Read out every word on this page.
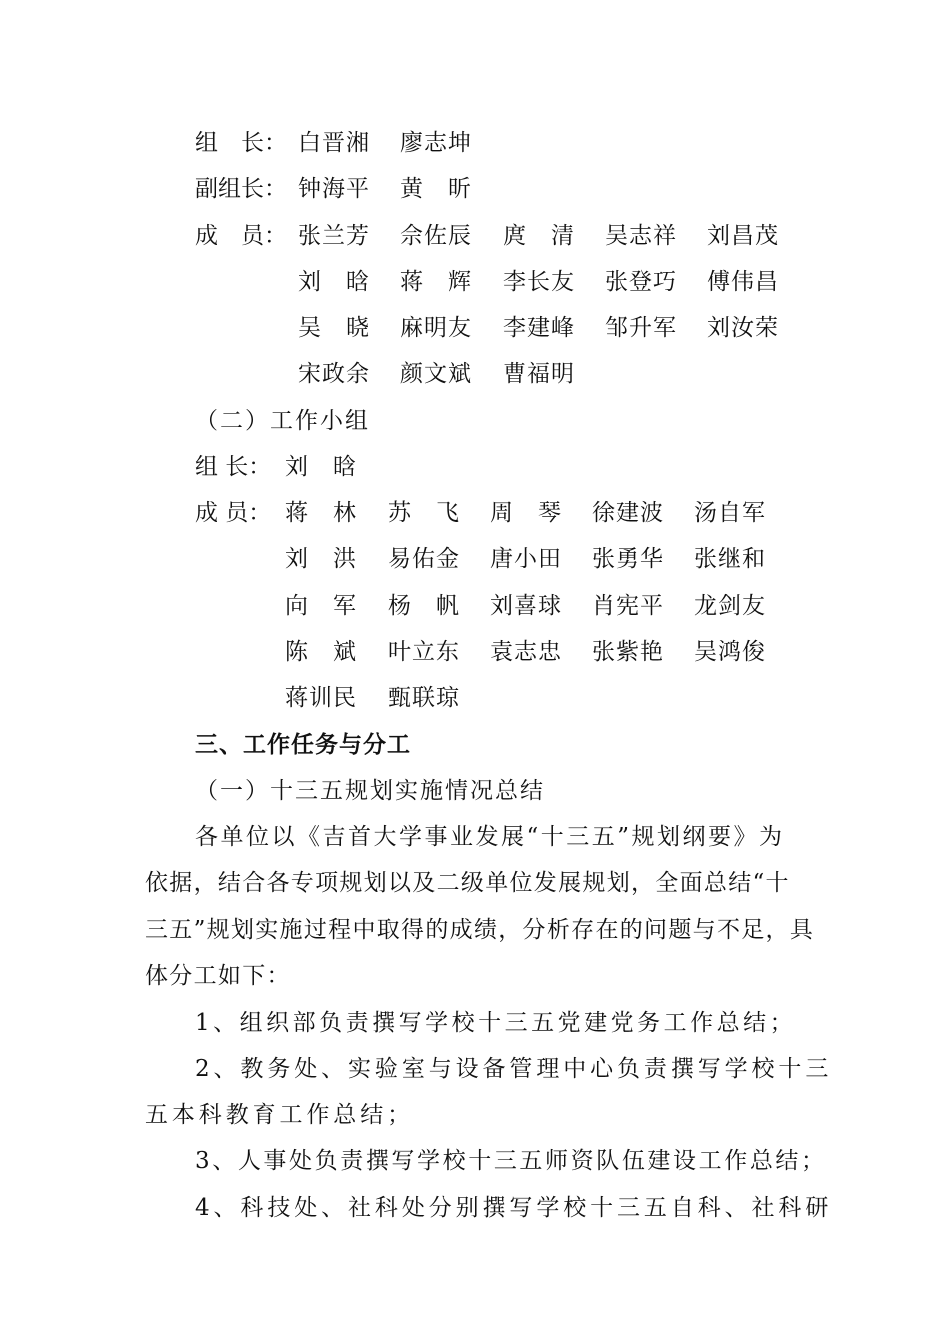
组　长： 白晋湘 廖志坤
副组长： 钟海平 黄　昕
成　员： 张兰芳 佘佐辰 庹　清 吴志祥 刘昌茂
刘　晗 蒋　辉 李长友 张登巧 傅伟昌
吴　晓 麻明友 李建峰 邹升军 刘汝荣
宋政余 颜文斌 曹福明
（二）工作小组
组 长： 刘　晗
成 员： 蒋　林 苏　飞 周　琴 徐建波 汤自军
刘　洪 易佑金 唐小田 张勇华 张继和
向　军 杨　帆 刘喜球 肖宪平 龙剑友
陈　斌 叶立东 袁志忠 张紫艳 吴鸿俊
蒋训民 甄联琼
三、工作任务与分工
（一）十三五规划实施情况总结
各单位以《吉首大学事业发展“十三五”规划纲要》为
依据，结合各专项规划以及二级单位发展规划，全面总结“十
三五”规划实施过程中取得的成绩，分析存在的问题与不足，具
体分工如下：
1、组织部负责撰写学校十三五党建党务工作总结；
2、教务处、实验室与设备管理中心负责撰写学校十三
五本科教育工作总结；
3、人事处负责撰写学校十三五师资队伍建设工作总结；
4、科技处、社科处分别撰写学校十三五自科、社科研
